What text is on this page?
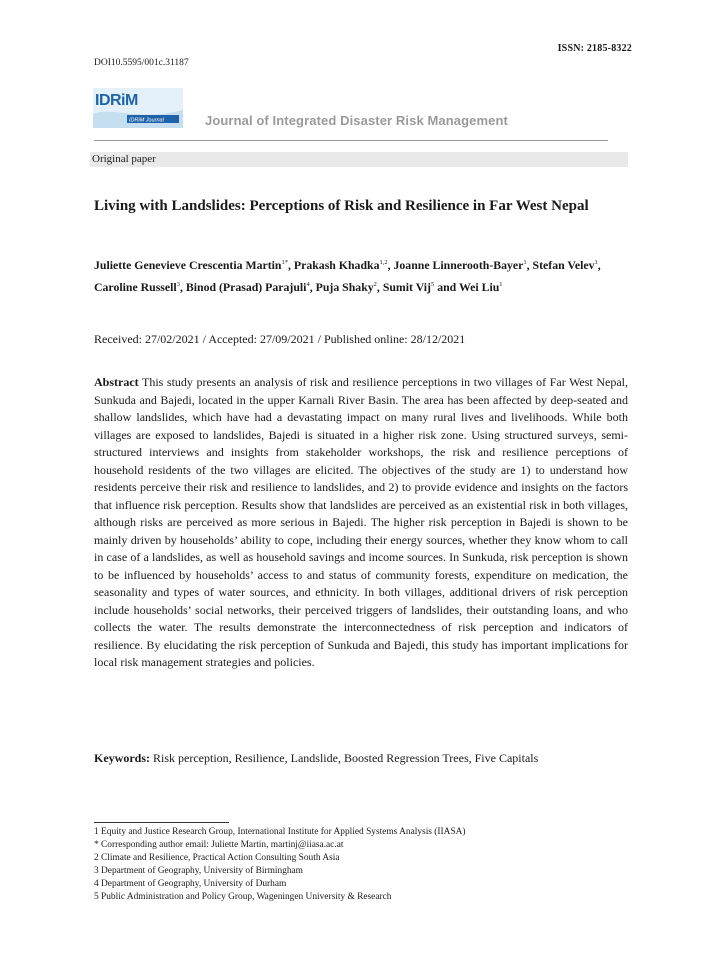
ISSN: 2185-8322
DOI10.5595/001c.31187
IDRiM
IDRiM Journal	Journal of Integrated Disaster Risk Management
Original paper
Living with Landslides: Perceptions of Risk and Resilience in Far West Nepal
Juliette Genevieve Crescentia Martin$^{1*}$, Prakash Khadka$^{1,2}$, Joanne Linnerooth-Bayer$^1$, Stefan Velev$^1$, Caroline Russell$^3$, Binod (Prasad) Parajuli$^4$, Puja Shaky$^2$, Sumit Vij$^5$ and Wei Liu$^1$
Received: 27/02/2021 / Accepted: 27/09/2021 / Published online: 28/12/2021
Abstract This study presents an analysis of risk and resilience perceptions in two villages of Far West Nepal, Sunkuda and Bajedi, located in the upper Karnali River Basin. The area has been affected by deep-seated and shallow landslides, which have had a devastating impact on many rural lives and livelihoods. While both villages are exposed to landslides, Bajedi is situated in a higher risk zone. Using structured surveys, semi-structured interviews and insights from stakeholder workshops, the risk and resilience perceptions of household residents of the two villages are elicited. The objectives of the study are 1) to understand how residents perceive their risk and resilience to landslides, and 2) to provide evidence and insights on the factors that influence risk perception. Results show that landslides are perceived as an existential risk in both villages, although risks are perceived as more serious in Bajedi. The higher risk perception in Bajedi is shown to be mainly driven by households’ ability to cope, including their energy sources, whether they know whom to call in case of a landslides, as well as household savings and income sources. In Sunkuda, risk perception is shown to be influenced by households’ access to and status of community forests, expenditure on medication, the seasonality and types of water sources, and ethnicity. In both villages, additional drivers of risk perception include households’ social networks, their perceived triggers of landslides, their outstanding loans, and who collects the water. The results demonstrate the interconnectedness of risk perception and indicators of resilience. By elucidating the risk perception of Sunkuda and Bajedi, this study has important implications for local risk management strategies and policies.
Keywords: Risk perception, Resilience, Landslide, Boosted Regression Trees, Five Capitals
1 Equity and Justice Research Group, International Institute for Applied Systems Analysis (IIASA)
* Corresponding author email: Juliette Martin, martinj@iiasa.ac.at
2 Climate and Resilience, Practical Action Consulting South Asia
3 Department of Geography, University of Birmingham
4 Department of Geography, University of Durham
5 Public Administration and Policy Group, Wageningen University & Research
